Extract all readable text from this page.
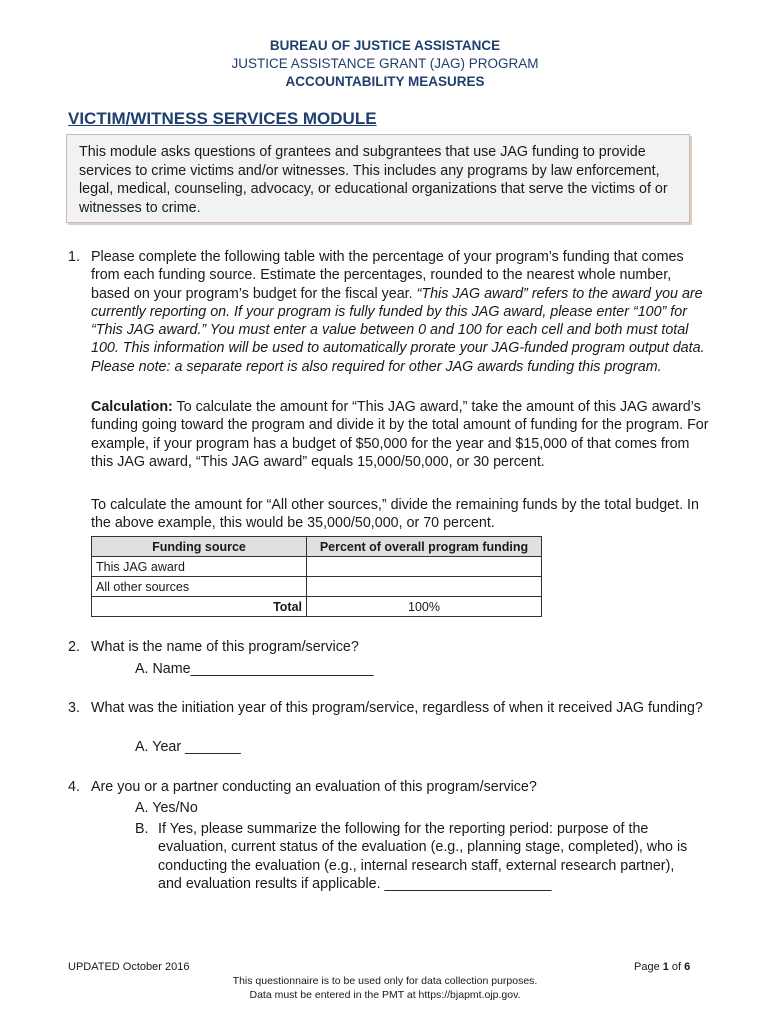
BUREAU OF JUSTICE ASSISTANCE
JUSTICE ASSISTANCE GRANT (JAG) PROGRAM
ACCOUNTABILITY MEASURES
VICTIM/WITNESS SERVICES MODULE
This module asks questions of grantees and subgrantees that use JAG funding to provide services to crime victims and/or witnesses. This includes any programs by law enforcement, legal, medical, counseling, advocacy, or educational organizations that serve the victims of or witnesses to crime.
1. Please complete the following table with the percentage of your program’s funding that comes from each funding source. Estimate the percentages, rounded to the nearest whole number, based on your program’s budget for the fiscal year. “This JAG award” refers to the award you are currently reporting on. If your program is fully funded by this JAG award, please enter “100” for “This JAG award.” You must enter a value between 0 and 100 for each cell and both must total 100. This information will be used to automatically prorate your JAG-funded program output data. Please note: a separate report is also required for other JAG awards funding this program.
Calculation: To calculate the amount for “This JAG award,” take the amount of this JAG award’s funding going toward the program and divide it by the total amount of funding for the program. For example, if your program has a budget of $50,000 for the year and $15,000 of that comes from this JAG award, “This JAG award” equals 15,000/50,000, or 30 percent.
To calculate the amount for “All other sources,” divide the remaining funds by the total budget. In the above example, this would be 35,000/50,000, or 70 percent.
Funding source	Percent of overall program funding
This JAG award	
All other sources	
Total	100%
2. What is the name of this program/service?
A. Name_______________________
3. What was the initiation year of this program/service, regardless of when it received JAG funding?
A. Year _______
4. Are you or a partner conducting an evaluation of this program/service?
A. Yes/No
B. If Yes, please summarize the following for the reporting period: purpose of the evaluation, current status of the evaluation (e.g., planning stage, completed), who is conducting the evaluation (e.g., internal research staff, external research partner), and evaluation results if applicable. _____________________
UPDATED October 2016	Page 1 of 6
This questionnaire is to be used only for data collection purposes.
Data must be entered in the PMT at https://bjapmt.ojp.gov.
